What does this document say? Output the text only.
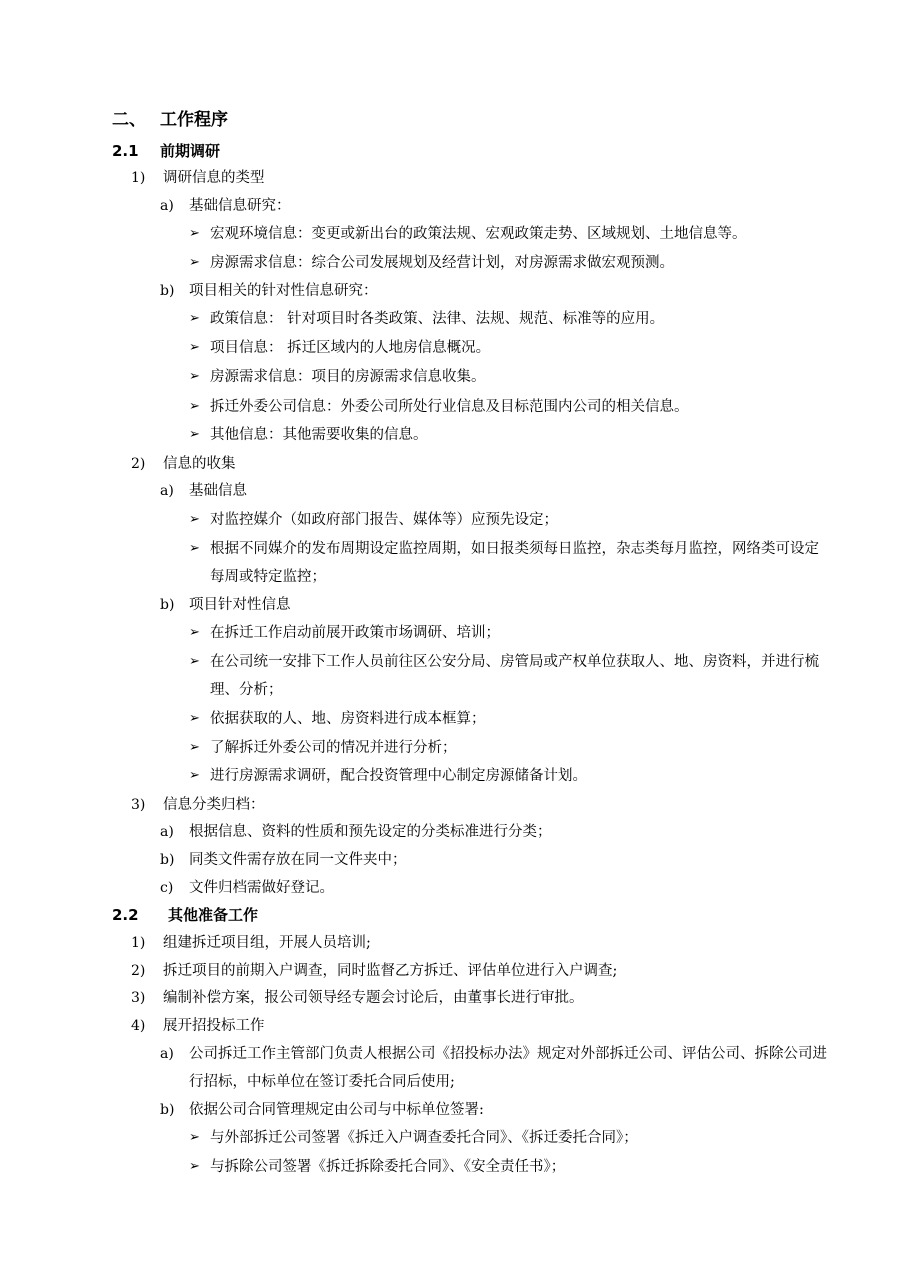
二、 工作程序
2.1 前期调研
1) 调研信息的类型
a) 基础信息研究：
➢ 宏观环境信息：变更或新出台的政策法规、宏观政策走势、区域规划、土地信息等。
➢ 房源需求信息：综合公司发展规划及经营计划，对房源需求做宏观预测。
b) 项目相关的针对性信息研究：
➢ 政策信息： 针对项目时各类政策、法律、法规、规范、标准等的应用。
➢ 项目信息： 拆迁区域内的人地房信息概况。
➢ 房源需求信息：项目的房源需求信息收集。
➢ 拆迁外委公司信息：外委公司所处行业信息及目标范围内公司的相关信息。
➢ 其他信息：其他需要收集的信息。
2) 信息的收集
a) 基础信息
➢ 对监控媒介（如政府部门报告、媒体等）应预先设定；
➢ 根据不同媒介的发布周期设定监控周期，如日报类须每日监控，杂志类每月监控，网络类可设定每周或特定监控；
b) 项目针对性信息
➢ 在拆迁工作启动前展开政策市场调研、培训；
➢ 在公司统一安排下工作人员前往区公安分局、房管局或产权单位获取人、地、房资料，并进行梳理、分析；
➢ 依据获取的人、地、房资料进行成本框算；
➢ 了解拆迁外委公司的情况并进行分析；
➢ 进行房源需求调研，配合投资管理中心制定房源储备计划。
3) 信息分类归档：
a) 根据信息、资料的性质和预先设定的分类标准进行分类；
b) 同类文件需存放在同一文件夹中；
c) 文件归档需做好登记。
2.2 其他准备工作
1) 组建拆迁项目组，开展人员培训;
2) 拆迁项目的前期入户调查，同时监督乙方拆迁、评估单位进行入户调查;
3) 编制补偿方案，报公司领导经专题会讨论后，由董事长进行审批。
4) 展开招投标工作
a) 公司拆迁工作主管部门负责人根据公司《招投标办法》规定对外部拆迁公司、评估公司、拆除公司进行招标，中标单位在签订委托合同后使用;
b) 依据公司合同管理规定由公司与中标单位签署:
➢ 与外部拆迁公司签署《拆迁入户调查委托合同》、《拆迁委托合同》；
➢ 与拆除公司签署《拆迁拆除委托合同》、《安全责任书》；
